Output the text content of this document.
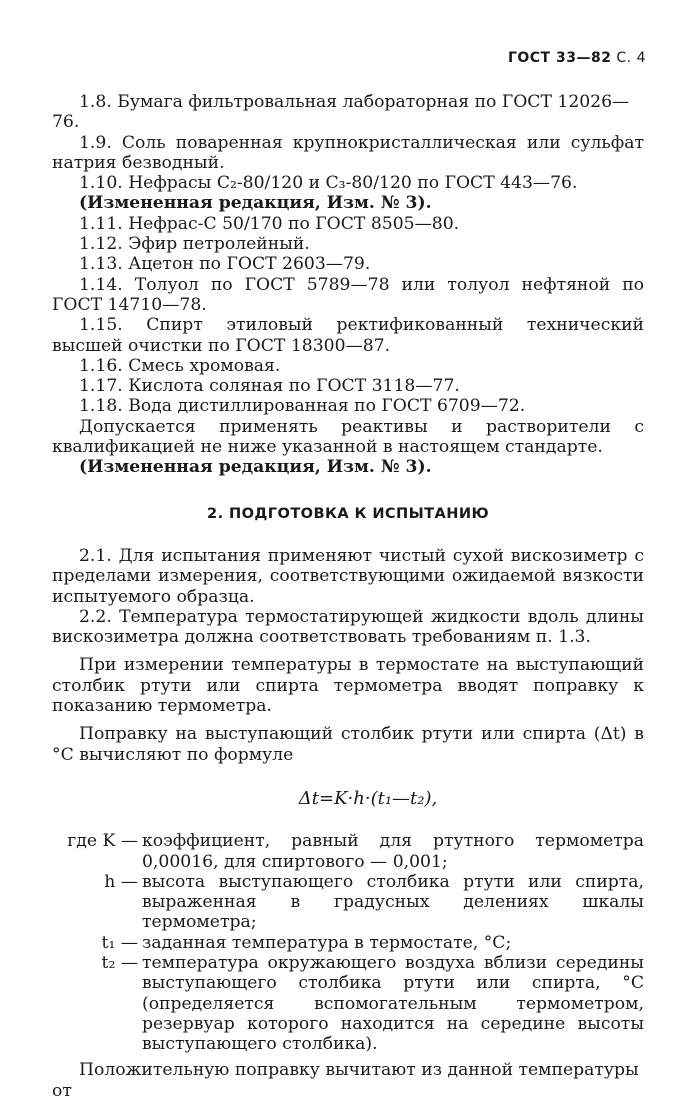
ГОСТ 33—82 С. 4

1.8. Бумага фильтровальная лабораторная по ГОСТ 12026—76.

1.9. Соль поваренная крупнокристаллическая или сульфат натрия безводный.

1.10. Нефрасы С₂-80/120 и С₃-80/120 по ГОСТ 443—76.

(Измененная редакция, Изм. № 3).

1.11. Нефрас-С 50/170 по ГОСТ 8505—80.

1.12. Эфир петролейный.

1.13. Ацетон по ГОСТ 2603—79.

1.14. Толуол по ГОСТ 5789—78 или толуол нефтяной по ГОСТ 14710—78.

1.15. Спирт этиловый ректификованный технический высшей очистки по ГОСТ 18300—87.

1.16. Смесь хромовая.

1.17. Кислота соляная по ГОСТ 3118—77.

1.18. Вода дистиллированная по ГОСТ 6709—72.

Допускается применять реактивы и растворители с квалификацией не ниже указанной в настоящем стандарте.

(Измененная редакция, Изм. № 3).

2. ПОДГОТОВКА К ИСПЫТАНИЮ

2.1. Для испытания применяют чистый сухой вискозиметр с пределами измерения, соответствующими ожидаемой вязкости испытуемого образца.

2.2. Температура термостатирующей жидкости вдоль длины вискозиметра должна соответствовать требованиям п. 1.3.

При измерении температуры в термостате на выступающий столбик ртути или спирта термометра вводят поправку к показанию термометра.

Поправку на выступающий столбик ртути или спирта (Δt) в °С вычисляют по формуле

Δt=K·h·(t₁—t₂),
где K — коэффициент, равный для ртутного термометра 0,00016, для спиртового — 0,001;
h — высота выступающего столбика ртути или спирта, выраженная в градусных делениях шкалы термометра;
t₁ — заданная температура в термостате, °С;
t₂ — температура окружающего воздуха вблизи середины выступающего столбика ртути или спирта, °С (определяется вспомогательным термометром, резервуар которого находится на середине высоты выступающего столбика).

Положительную поправку вычитают из данной температуры от
